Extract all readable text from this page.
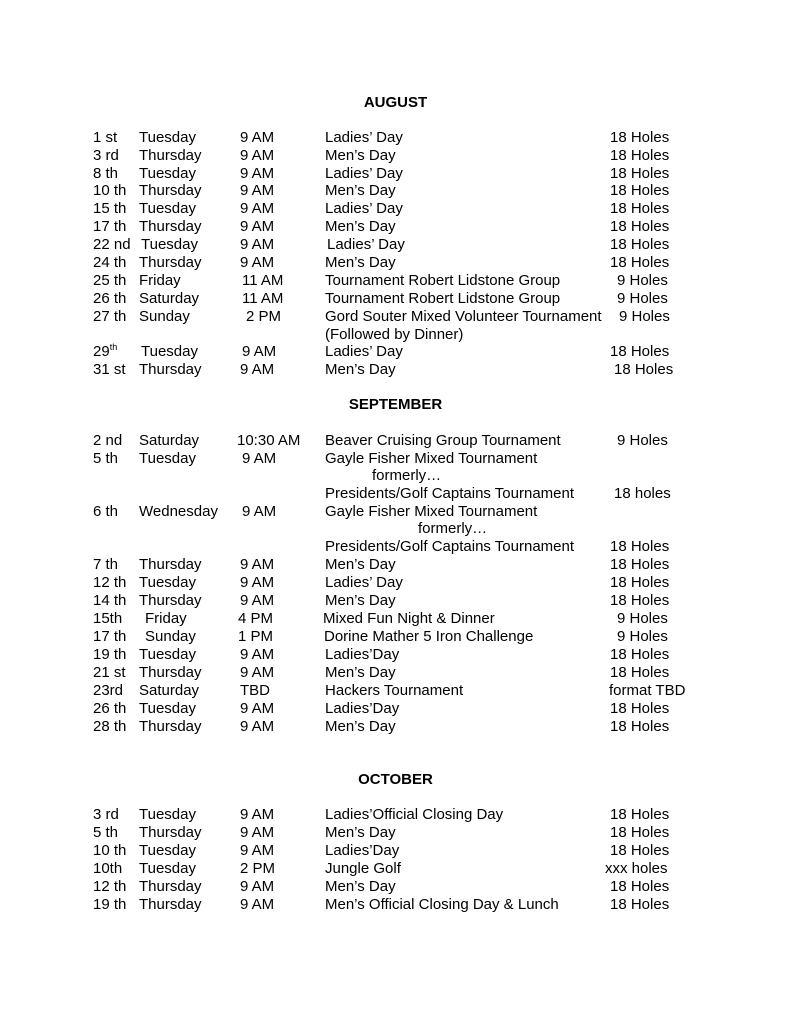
AUGUST
1 st Tuesday	9 AM	Ladies’ Day	18 Holes
3 rd Thursday	9 AM	Men’s Day	18 Holes
8 th Tuesday	9 AM	Ladies’ Day	18 Holes
10 th Thursday	9 AM	Men’s Day	18 Holes
15 th Tuesday	9 AM	Ladies’ Day	18 Holes
17 th Thursday	9 AM	Men’s Day	18 Holes
22 nd Tuesday	9 AM	Ladies’ Day	18 Holes
24 th Thursday	9 AM	Men’s Day	18 Holes
25 th Friday	11 AM	Tournament Robert Lidstone Group	9 Holes
26 th Saturday	11 AM	Tournament Robert Lidstone Group	9 Holes
27 th Sunday	2 PM	Gord Souter Mixed Volunteer Tournament 9 Holes
(Followed by Dinner)
29th Tuesday	9 AM	Ladies’ Day	18 Holes
31 st Thursday	9 AM	Men’s Day	18 Holes
SEPTEMBER
2 nd Saturday	10:30 AM Beaver Cruising Group Tournament	9 Holes
5 th Tuesday	9 AM	Gayle Fisher Mixed Tournament
formerly…
Presidents/Golf Captains Tournament	18 holes
6 th Wednesday 9 AM	Gayle Fisher Mixed Tournament
formerly…
Presidents/Golf Captains Tournament 18 Holes
7 th Thursday	9 AM	Men’s Day	18 Holes
12 th Tuesday	9 AM	Ladies’ Day	18 Holes
14 th Thursday	9 AM	Men’s Day	18 Holes
15th Friday	4 PM	Mixed Fun Night & Dinner	9 Holes
17 th Sunday	1 PM	Dorine Mather 5 Iron Challenge	9 Holes
19 th Tuesday	9 AM	Ladies’Day	18 Holes
21 st Thursday	9 AM	Men’s Day	18 Holes
23rd Saturday	TBD	Hackers Tournament	format TBD
26 th Tuesday	9 AM	Ladies’Day	18 Holes
28 th Thursday	9 AM	Men’s Day	18 Holes
OCTOBER
3 rd Tuesday	9 AM	Ladies’Official Closing Day	18 Holes
5 th Thursday	9 AM	Men’s Day	18 Holes
10 th Tuesday	9 AM	Ladies’Day	18 Holes
10th Tuesday	2 PM	Jungle Golf	xxx holes
12 th Thursday	9 AM	Men’s Day	18 Holes
19 th Thursday	9 AM	Men’s Official Closing Day & Lunch	18 Holes
